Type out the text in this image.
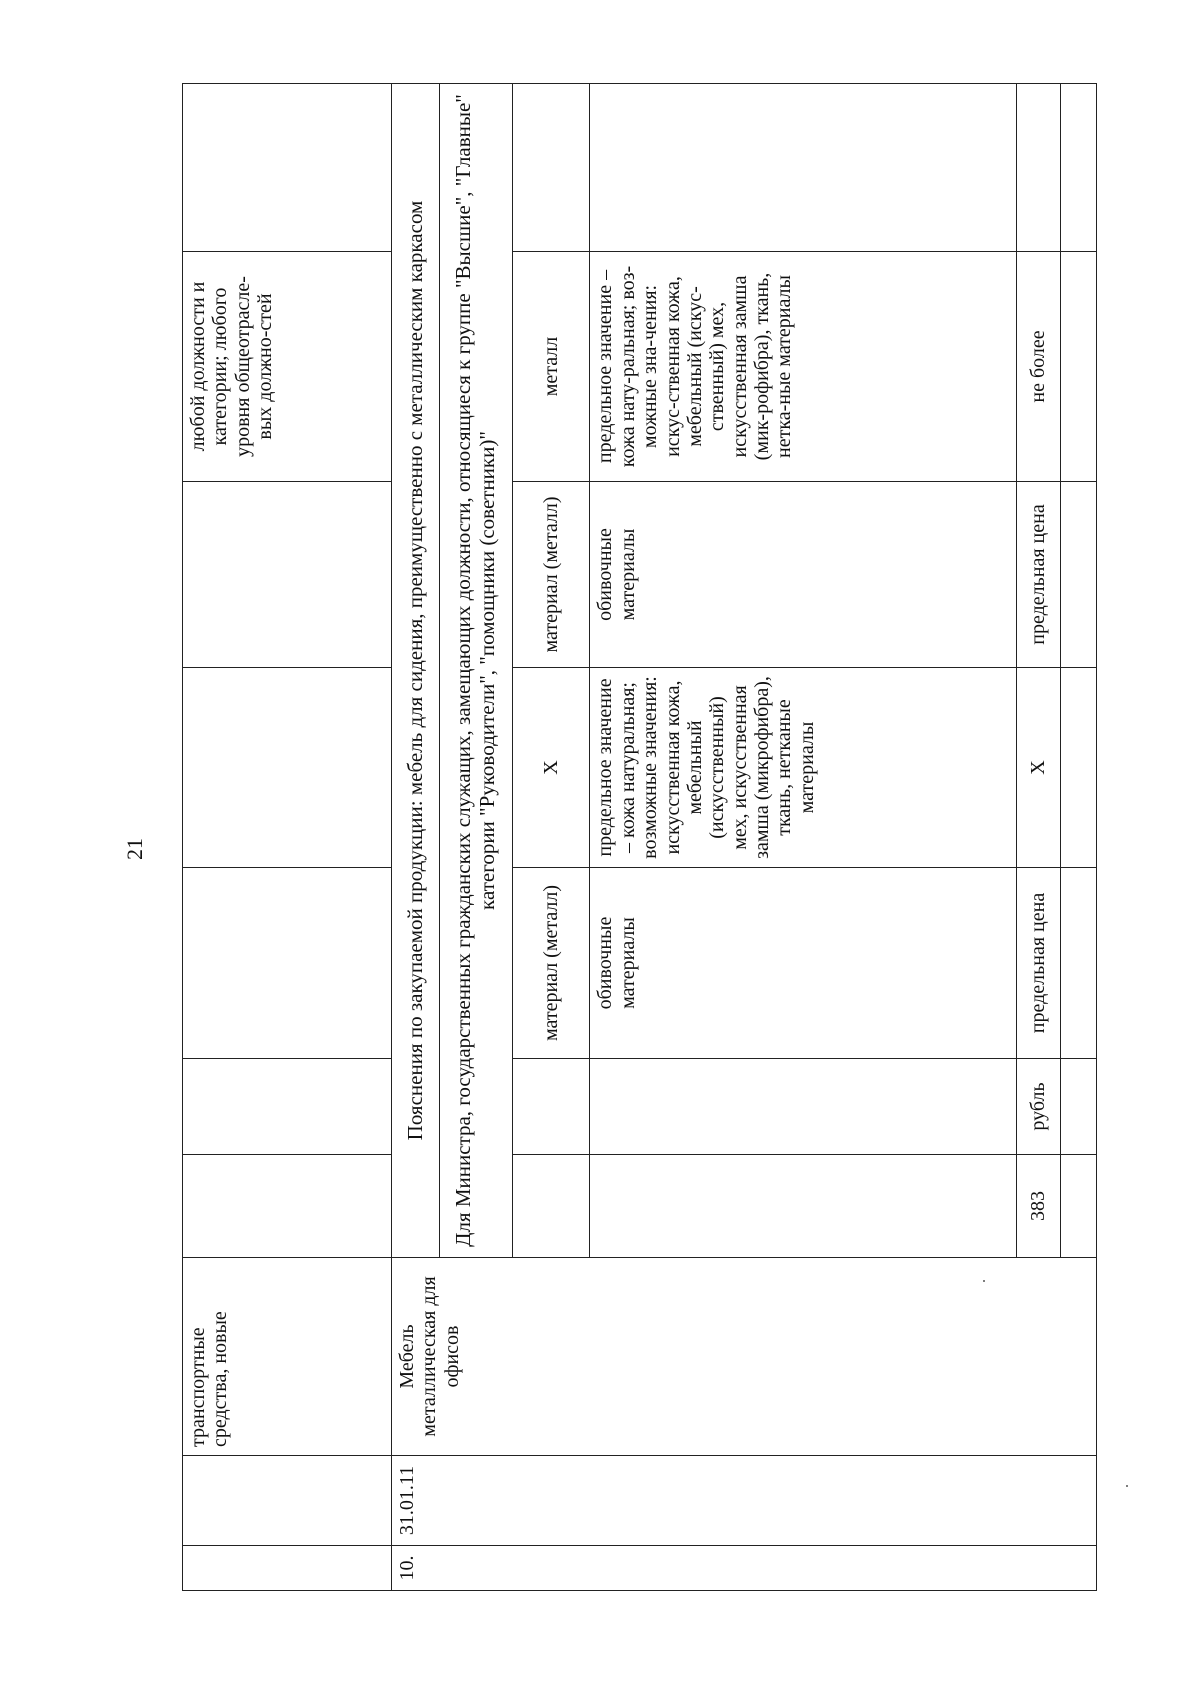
21
		транспортные средства, новые						любой должности и категории; любого уровня общеотрасле-вых должно-стей	
10.	31.01.11	Мебель металлическая для офисов	Пояснения по закупаемой продукции: мебель для сидения, преимущественно с металлическим каркасом						
			Для Министра, государственных гражданских служащих, замещающих должности, относящиеся к группе "Высшие", "Главные" категории "Руководители", "помощники (советники)"						
					материал (металл)	X	материал (металл)	металл	
					обивочные материалы	предельное значение – кожа натуральная; возможные значения: искусственная кожа, мебельный (искусственный) мех, искусственная замша (микрофибра), ткань, нетканые материалы	обивочные материалы	предельное значение – кожа нату-ральная; воз-можные зна-чения: искус-ственная кожа, мебельный (искус-ственный) мех, искусственная замша (мик-рофибра), ткань, нетка-ные материалы	
			383	рубль	предельная цена	X	предельная цена	не более	
